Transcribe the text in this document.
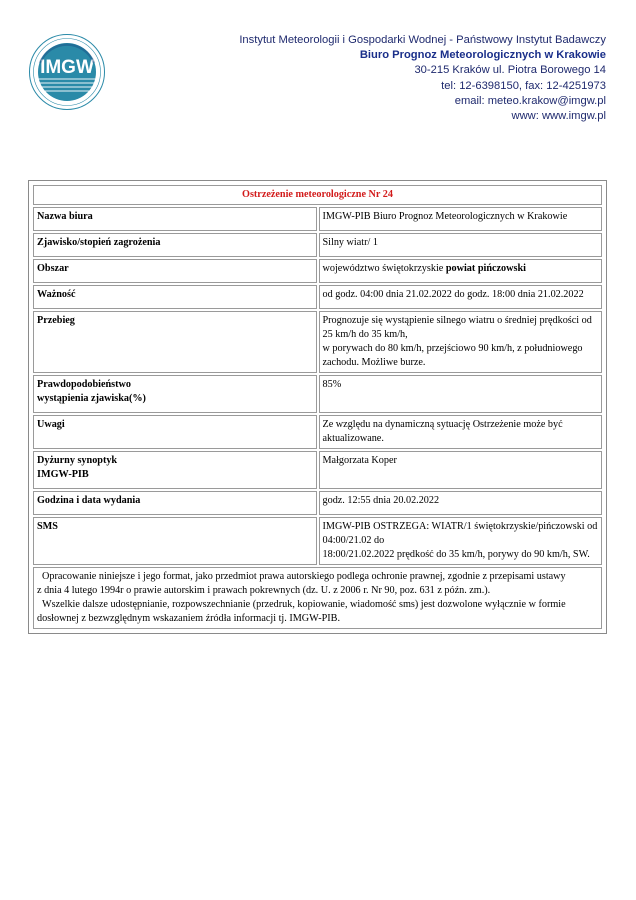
IMGW
Instytut Meteorologii i Gospodarki Wodnej - Państwowy Instytut Badawczy
Biuro Prognoz Meteorologicznych w Krakowie
30-215 Kraków ul. Piotra Borowego 14
tel: 12-6398150, fax: 12-4251973
email: meteo.krakow@imgw.pl
www: www.imgw.pl
Ostrzeżenie meteorologiczne Nr 24	
Nazwa biura	IMGW-PIB Biuro Prognoz Meteorologicznych w Krakowie
Zjawisko/stopień zagrożenia	Silny wiatr/ 1
Obszar	województwo świętokrzyskie powiat pińczowski
Ważność	od godz. 04:00 dnia 21.02.2022 do godz. 18:00 dnia 21.02.2022
Przebieg	Prognozuje się wystąpienie silnego wiatru o średniej prędkości od 25 km/h do 35 km/h,
w porywach do 80 km/h, przejściowo 90 km/h, z południowego zachodu. Możliwe burze.

Prawdopodobieństwo
wystąpienia zjawiska(%)	85%
Uwagi	Ze względu na dynamiczną sytuację Ostrzeżenie może być aktualizowane.

Dyżurny synoptyk
IMGW-PIB	Małgorzata Koper
Godzina i data wydania	godz. 12:55 dnia 20.02.2022
SMS	IMGW-PIB OSTRZEGA: WIATR/1 świętokrzyskie/pińczowski od 04:00/21.02 do
18:00/21.02.2022 prędkość do 35 km/h, porywy do 90 km/h, SW.

Opracowanie niniejsze i jego format, jako przedmiot prawa autorskiego podlega ochronie prawnej, zgodnie z przepisami ustawy
z dnia 4 lutego 1994r o prawie autorskim i prawach pokrewnych (dz. U. z 2006 r. Nr 90, poz. 631 z późn. zm.).
Wszelkie dalsze udostępnianie, rozpowszechnianie (przedruk, kopiowanie, wiadomość sms) jest dozwolone wyłącznie w formie
dosłownej z bezwzględnym wskazaniem źródła informacji tj. IMGW-PIB.	
